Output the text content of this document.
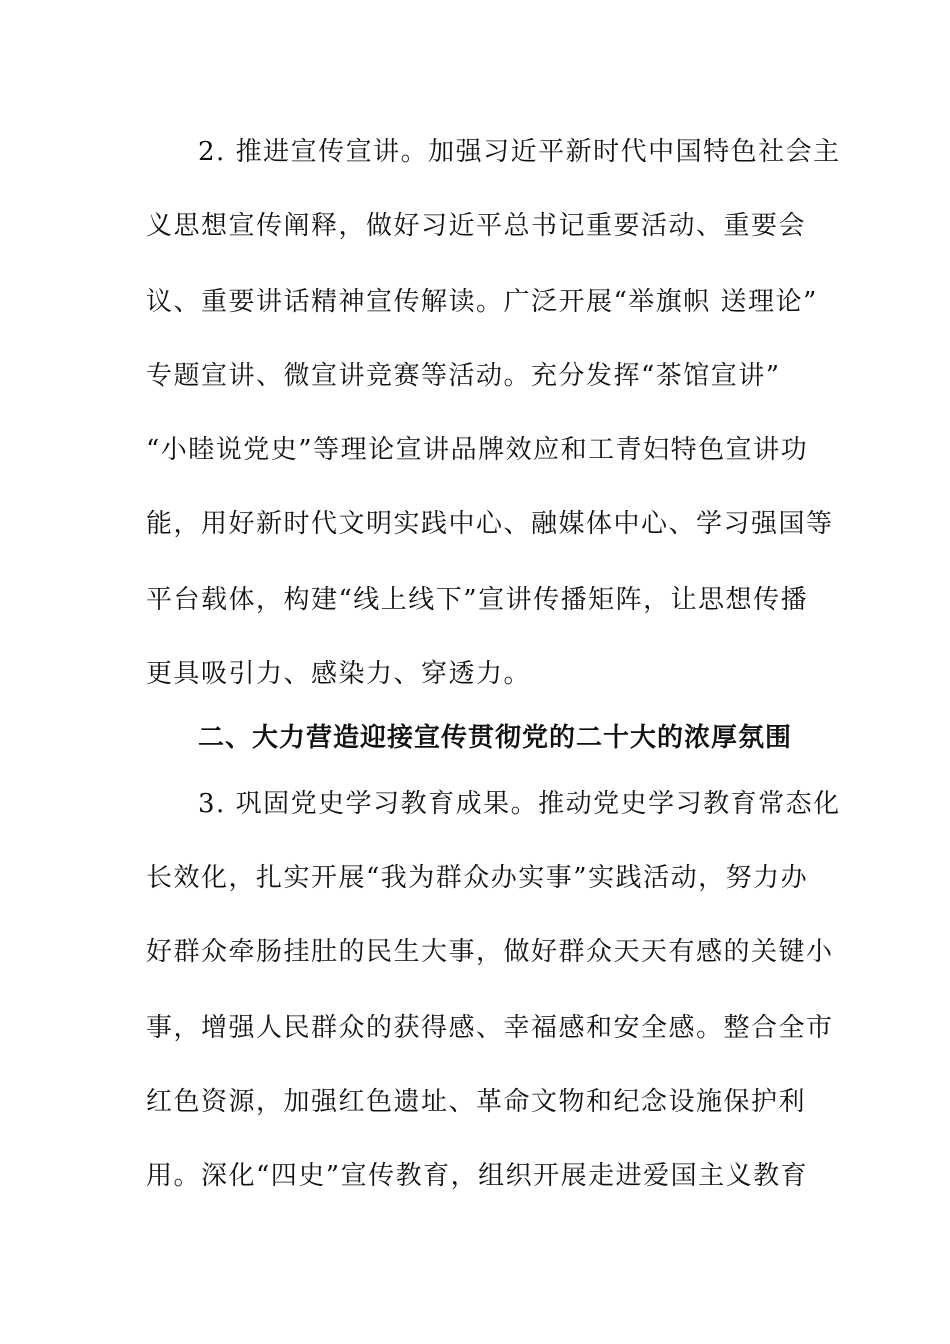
2. 推进宣传宣讲。加强习近平新时代中国特色社会主
义思想宣传阐释，做好习近平总书记重要活动、重要会
议、重要讲话精神宣传解读。广泛开展“举旗帜 送理论”
专题宣讲、微宣讲竞赛等活动。充分发挥“茶馆宣讲”
“小睦说党史”等理论宣讲品牌效应和工青妇特色宣讲功
能，用好新时代文明实践中心、融媒体中心、学习强国等
平台载体，构建“线上线下”宣讲传播矩阵，让思想传播
更具吸引力、感染力、穿透力。
二、大力营造迎接宣传贯彻党的二十大的浓厚氛围
3. 巩固党史学习教育成果。推动党史学习教育常态化
长效化，扎实开展“我为群众办实事”实践活动，努力办
好群众牵肠挂肚的民生大事，做好群众天天有感的关键小
事，增强人民群众的获得感、幸福感和安全感。整合全市
红色资源，加强红色遗址、革命文物和纪念设施保护利
用。深化“四史”宣传教育，组织开展走进爱国主义教育
